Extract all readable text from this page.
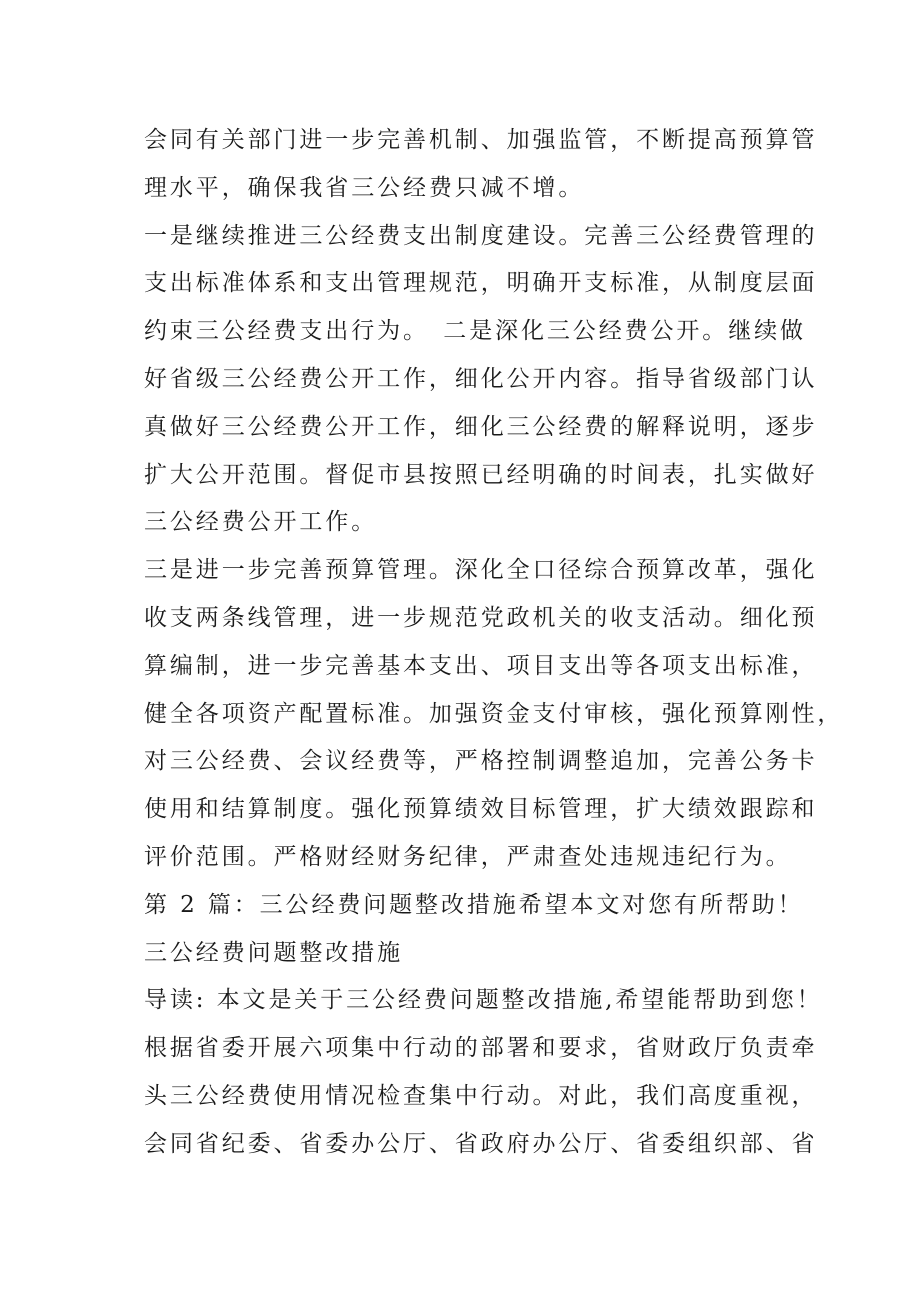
会同有关部门进一步完善机制、加强监管，不断提高预算管
理水平，确保我省三公经费只减不增。
一是继续推进三公经费支出制度建设。完善三公经费管理的
支出标准体系和支出管理规范，明确开支标准，从制度层面
约束三公经费支出行为。　二是深化三公经费公开。继续做
好省级三公经费公开工作，细化公开内容。指导省级部门认
真做好三公经费公开工作，细化三公经费的解释说明，逐步
扩大公开范围。督促市县按照已经明确的时间表，扎实做好
三公经费公开工作。
三是进一步完善预算管理。深化全口径综合预算改革，强化
收支两条线管理，进一步规范党政机关的收支活动。细化预
算编制，进一步完善基本支出、项目支出等各项支出标准，
健全各项资产配置标准。加强资金支付审核，强化预算刚性，
对三公经费、会议经费等，严格控制调整追加，完善公务卡
使用和结算制度。强化预算绩效目标管理，扩大绩效跟踪和
评价范围。严格财经财务纪律，严肃查处违规违纪行为。
第 2 篇：三公经费问题整改措施希望本文对您有所帮助！
三公经费问题整改措施
导读: 本文是关于三公经费问题整改措施,希望能帮助到您！
根据省委开展六项集中行动的部署和要求，省财政厅负责牵
头三公经费使用情况检查集中行动。对此，我们高度重视，
会同省纪委、省委办公厅、省政府办公厅、省委组织部、省
